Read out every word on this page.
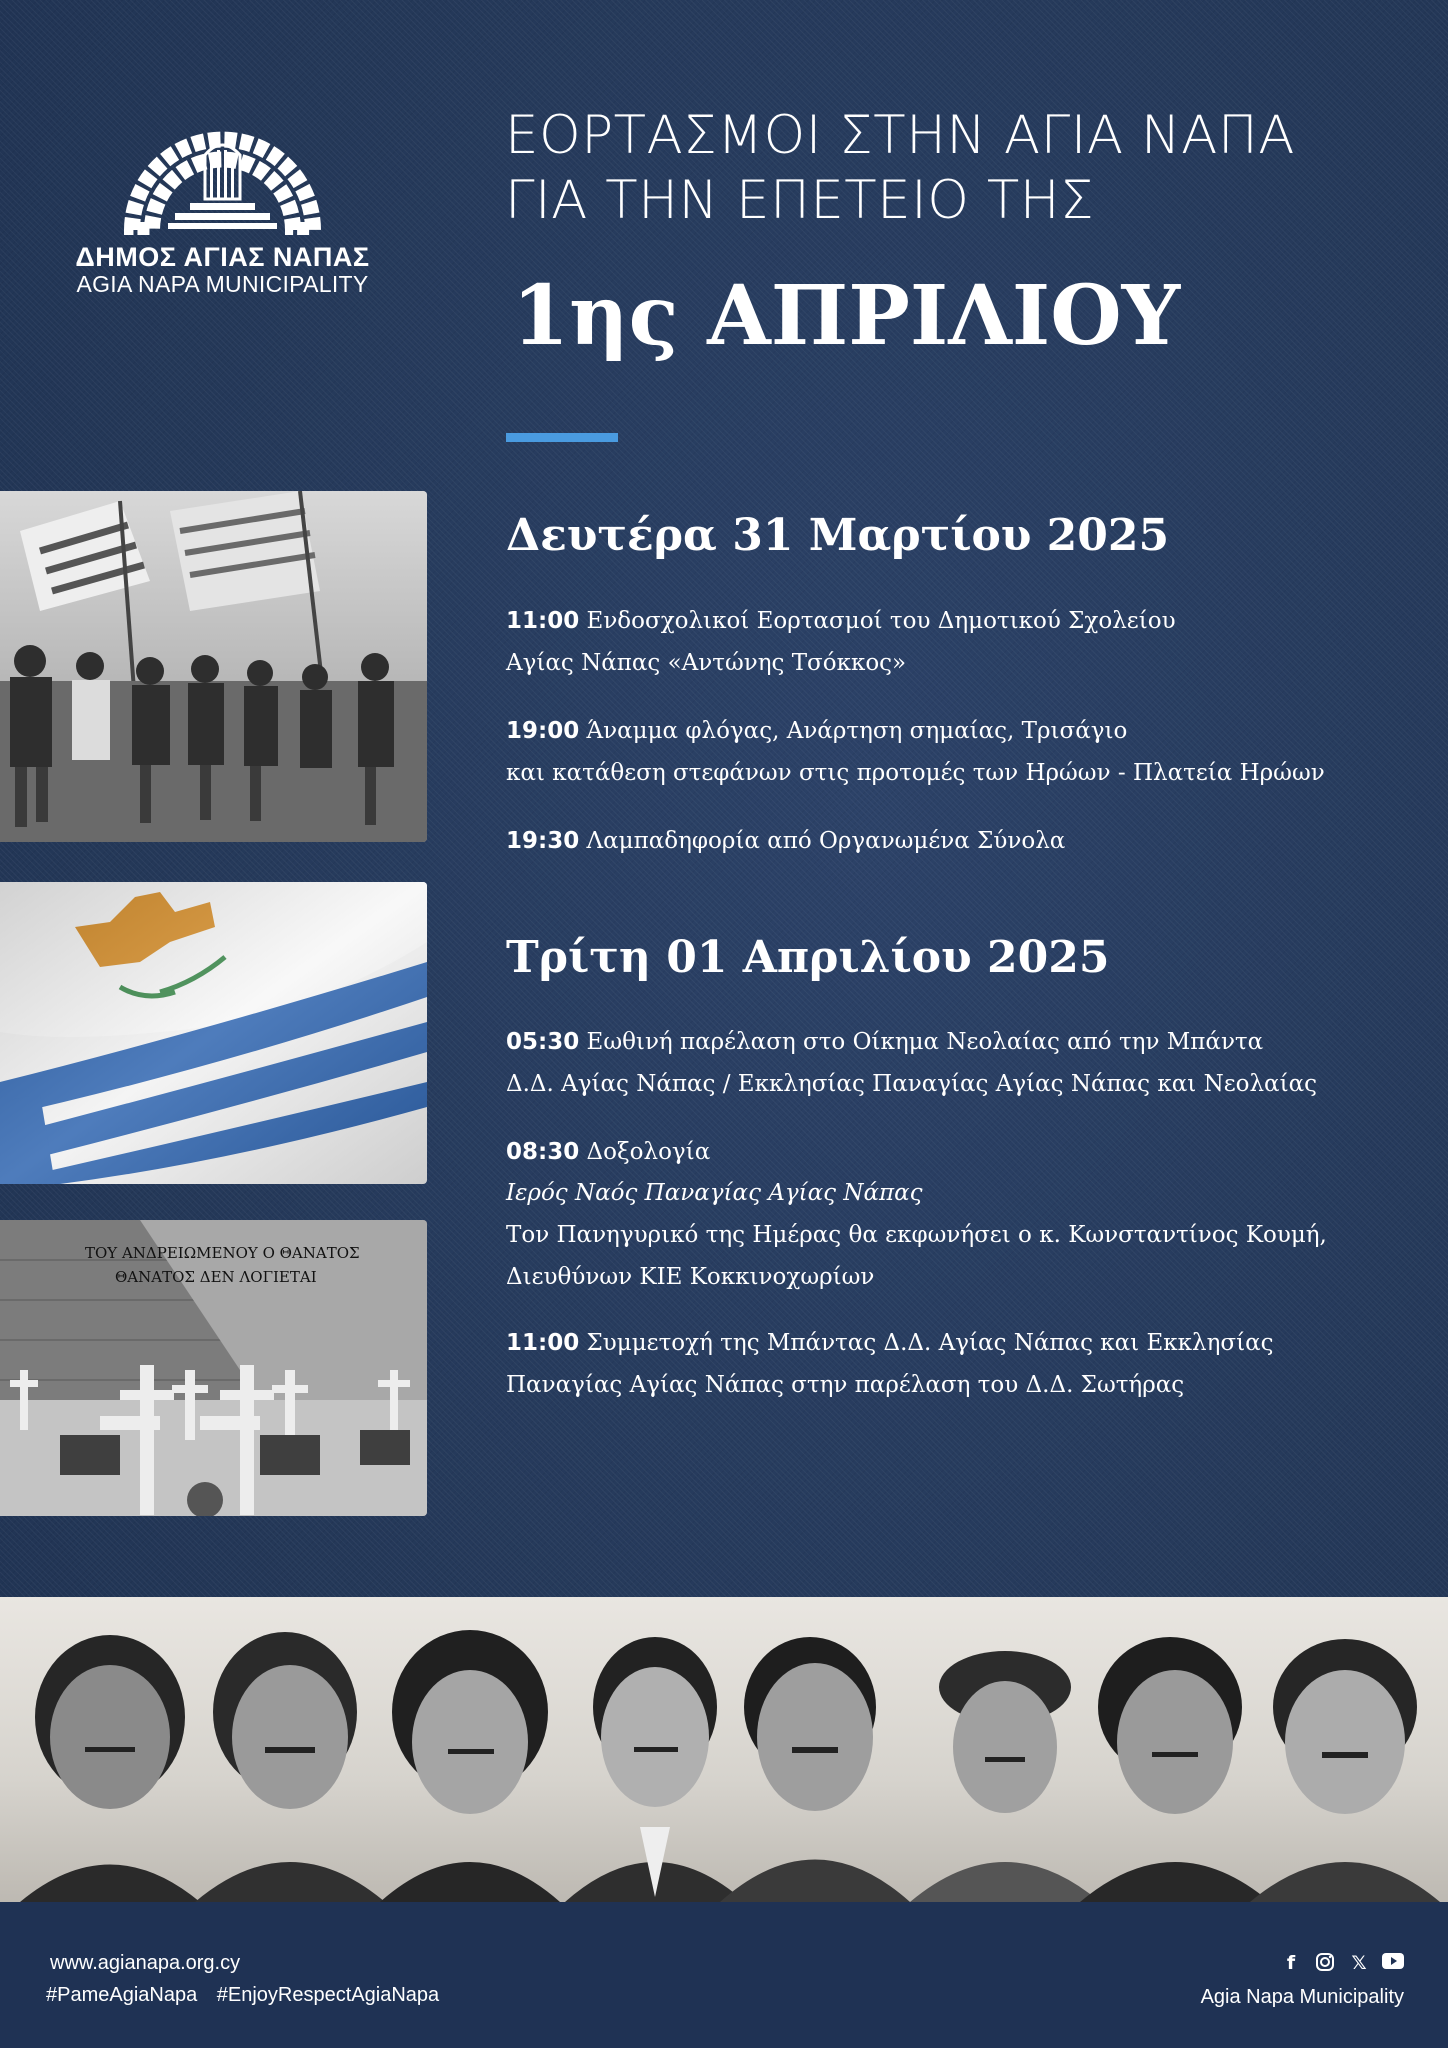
ΔΗΜΟΣ ΑΓΙΑΣ ΝΑΠΑΣ
AGIA NAPA MUNICIPALITY
ΕΟΡΤΑΣΜΟΙ ΣΤΗΝ ΑΓΙΑ ΝΑΠΑ
ΓΙΑ ΤΗΝ ΕΠΕΤΕΙΟ ΤΗΣ
1ης ΑΠΡΙΛΙΟΥ
ΤΟΥ ΑΝΔΡΕΙΩΜΕΝΟΥ Ο ΘΑΝΑΤΟΣ
ΘΑΝΑΤΟΣ ΔΕΝ ΛΟΓΙΕΤΑΙ
Δευτέρα 31 Μαρτίου 2025
11:00 Ενδοσχολικοί Εορτασμοί του Δημοτικού Σχολείου
Αγίας Νάπας «Αντώνης Τσόκκος»
19:00 Άναμμα φλόγας, Ανάρτηση σημαίας, Τρισάγιο
και κατάθεση στεφάνων στις προτομές των Ηρώων - Πλατεία Ηρώων
19:30 Λαμπαδηφορία από Οργανωμένα Σύνολα
Τρίτη 01 Απριλίου 2025
05:30 Εωθινή παρέλαση στο Οίκημα Νεολαίας από την Μπάντα
Δ.Δ. Αγίας Νάπας / Εκκλησίας Παναγίας Αγίας Νάπας και Νεολαίας
08:30 Δοξολογία
Ιερός Ναός Παναγίας Αγίας Νάπας
Τον Πανηγυρικό της Ημέρας θα εκφωνήσει ο κ. Κωνσταντίνος Κουμή,
Διευθύνων ΚΙΕ Κοκκινοχωρίων
11:00 Συμμετοχή της Μπάντας Δ.Δ. Αγίας Νάπας και Εκκλησίας
Παναγίας Αγίας Νάπας στην παρέλαση του Δ.Δ. Σωτήρας
www.agianapa.org.cy
#PameAgiaNapa #EnjoyRespectAgiaNapa
f	𝕏
Agia Napa Municipality
